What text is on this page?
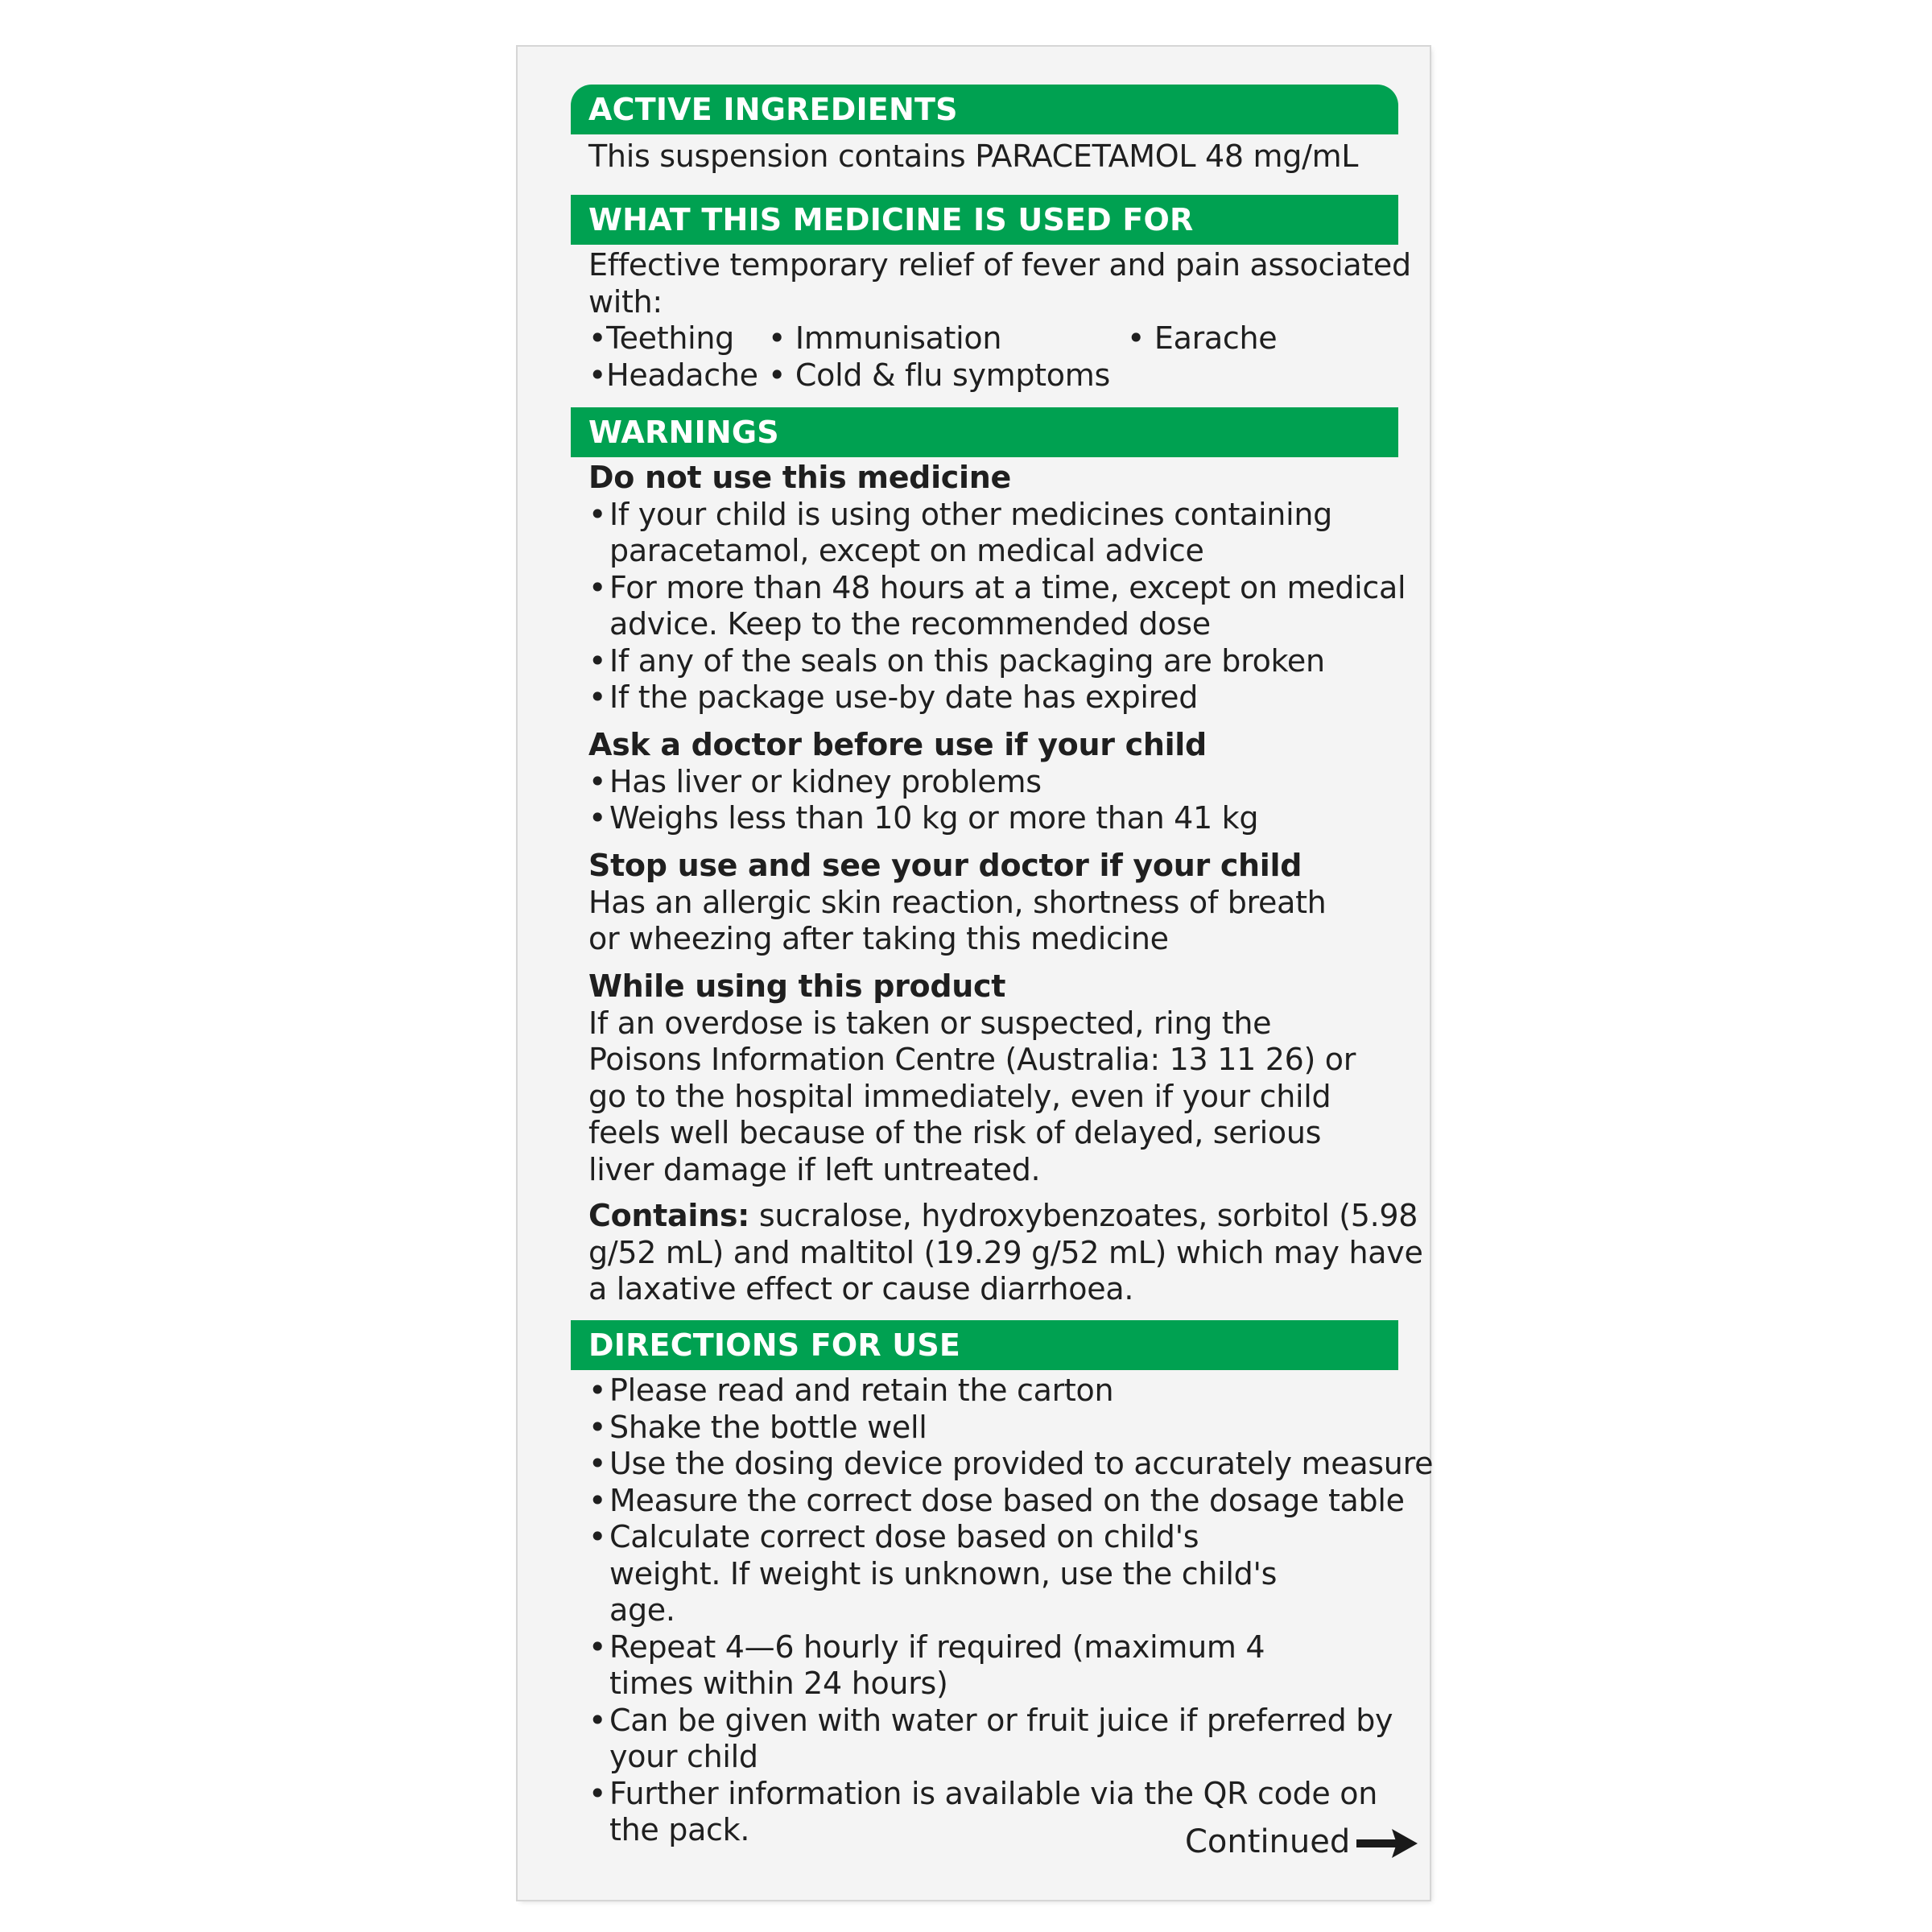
ACTIVE INGREDIENTS
This suspension contains PARACETAMOL 48 mg/mL
WHAT THIS MEDICINE IS USED FOR
Effective temporary relief of fever and pain associated
with:
•Teething • Immunisation	• Earache
•Headache • Cold & flu symptoms
WARNINGS
Do not use this medicine
• If your child is using other medicines containing paracetamol, except on medical advice
• For more than 48 hours at a time, except on medical advice. Keep to the recommended dose
• If any of the seals on this packaging are broken
• If the package use-by date has expired
Ask a doctor before use if your child
• Has liver or kidney problems
• Weighs less than 10 kg or more than 41 kg
Stop use and see your doctor if your child
Has an allergic skin reaction, shortness of breath or wheezing after taking this medicine
While using this product
If an overdose is taken or suspected, ring the Poisons Information Centre (Australia: 13 11 26) or go to the hospital immediately, even if your child feels well because of the risk of delayed, serious liver damage if left untreated.
Contains: sucralose, hydroxybenzoates, sorbitol (5.98 g/52 mL) and maltitol (19.29 g/52 mL) which may have a laxative effect or cause diarrhoea.
DIRECTIONS FOR USE
• Please read and retain the carton
• Shake the bottle well
• Use the dosing device provided to accurately measure
• Measure the correct dose based on the dosage table
• Calculate correct dose based on child's weight. If weight is unknown, use the child's age.
• Repeat 4—6 hourly if required (maximum 4 times within 24 hours)
• Can be given with water or fruit juice if preferred by your child
• Further information is available via the QR code on the pack.	Continued
